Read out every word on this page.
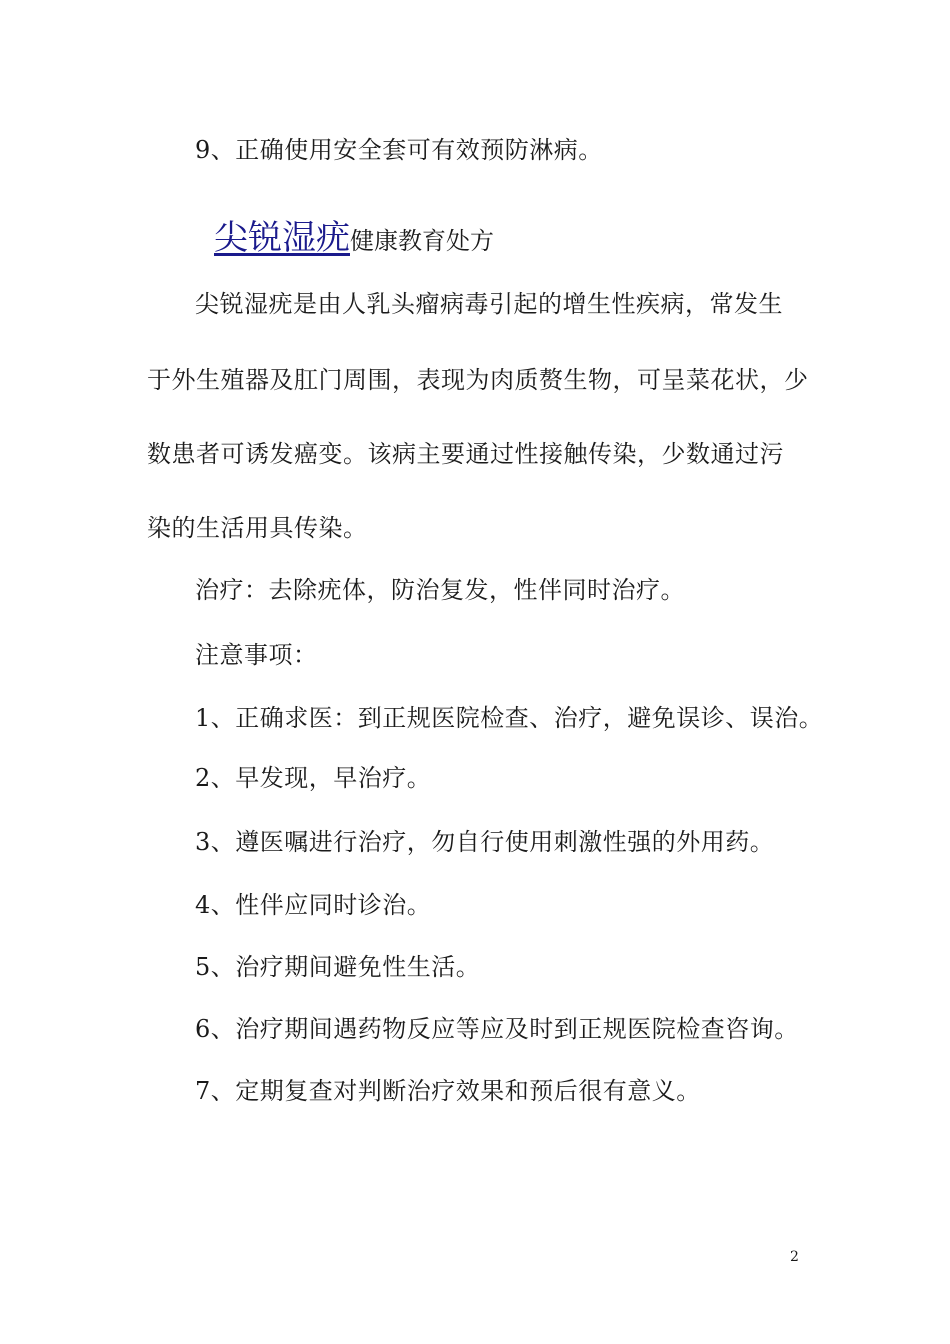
9、正确使用安全套可有效预防淋病。
尖锐湿疣健康教育处方
尖锐湿疣是由人乳头瘤病毒引起的增生性疾病，常发生
于外生殖器及肛门周围，表现为肉质赘生物，可呈菜花状，少
数患者可诱发癌变。该病主要通过性接触传染，少数通过污
染的生活用具传染。
治疗：去除疣体，防治复发，性伴同时治疗。
注意事项：
1、正确求医：到正规医院检查、治疗，避免误诊、误治。
2、早发现，早治疗。
3、遵医嘱进行治疗，勿自行使用刺激性强的外用药。
4、性伴应同时诊治。
5、治疗期间避免性生活。
6、治疗期间遇药物反应等应及时到正规医院检查咨询。
7、定期复查对判断治疗效果和预后很有意义。
2
